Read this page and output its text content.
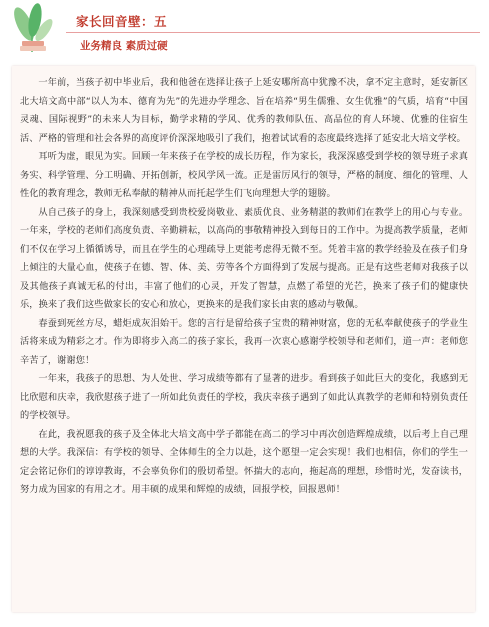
家长回音壁：五
业务精良 素质过硬

一年前，当孩子初中毕业后，我和他爸在选择让孩子上延安哪所高中犹豫不决，拿不定主意时，延安新区北大培文高中部“以人为本、德育为先”的先进办学理念、旨在培养“男生儒雅、女生优雅”的气质，培育“中国灵魂、国际视野”的未来人为目标，勤学求精的学风、优秀的教师队伍、高品位的育人环境、优雅的住宿生活、严格的管理和社会各界的高度评价深深地吸引了我们，抱着试试看的态度最终选择了延安北大培文学校。

耳听为虚，眼见为实。回顾一年来孩子在学校的成长历程，作为家长，我深深感受到学校的领导班子求真务实、科学管理、分工明确、开拓创新，校风学风一流。正是雷厉风行的领导，严格的制度、细化的管理、人性化的教育理念，教师无私奉献的精神从而托起学生们飞向理想大学的翅膀。

从自己孩子的身上，我深刻感受到贵校爱岗敬业、素质优良、业务精湛的教师们在教学上的用心与专业。一年来，学校的老师们高度负责、辛勤耕耘，以高尚的事敬精神投入到每日的工作中。为提高教学质量，老师们不仅在学习上循循诱导，而且在学生的心理疏导上更能考虑得无微不至。凭着丰富的教学经验及在孩子们身上倾注的大量心血，使孩子在德、智、体、美、劳等各个方面得到了发展与提高。正是有这些老师对我孩子以及其他孩子真诚无私的付出，丰富了他们的心灵，开发了智慧，点燃了希望的光芒，换来了孩子们的健康快乐，换来了我们这些做家长的安心和放心，更换来的是我们家长由衷的感动与敬佩。

春蚕到死丝方尽，蜡炬成灰泪始干。您的言行是留给孩子宝贵的精神财富，您的无私奉献使孩子的学业生活将来成为精彩之才。作为即将步入高二的孩子家长，我再一次衷心感谢学校领导和老师们，道一声：老师您辛苦了，谢谢您！

一年来，我孩子的思想、为人处世、学习成绩等都有了显著的进步。看到孩子如此巨大的变化，我感到无比欣慰和庆幸，我欣慰孩子进了一所如此负责任的学校，我庆幸孩子遇到了如此认真教学的老师和特别负责任的学校领导。

在此，我祝愿我的孩子及全体北大培文高中学子都能在高二的学习中再次创造辉煌成绩，以后考上自己理想的大学。我深信：有学校的领导、全体师生的全力以赴，这个愿望一定会实现！我们也相信，你们的学生一定会铭记你们的谆谆教诲，不会辜负你们的殷切希望。怀揣大的志向，拖起高的理想，珍惜时光，发奋读书，努力成为国家的有用之才。用丰硕的成果和辉煌的成绩，回报学校，回报恩师！
